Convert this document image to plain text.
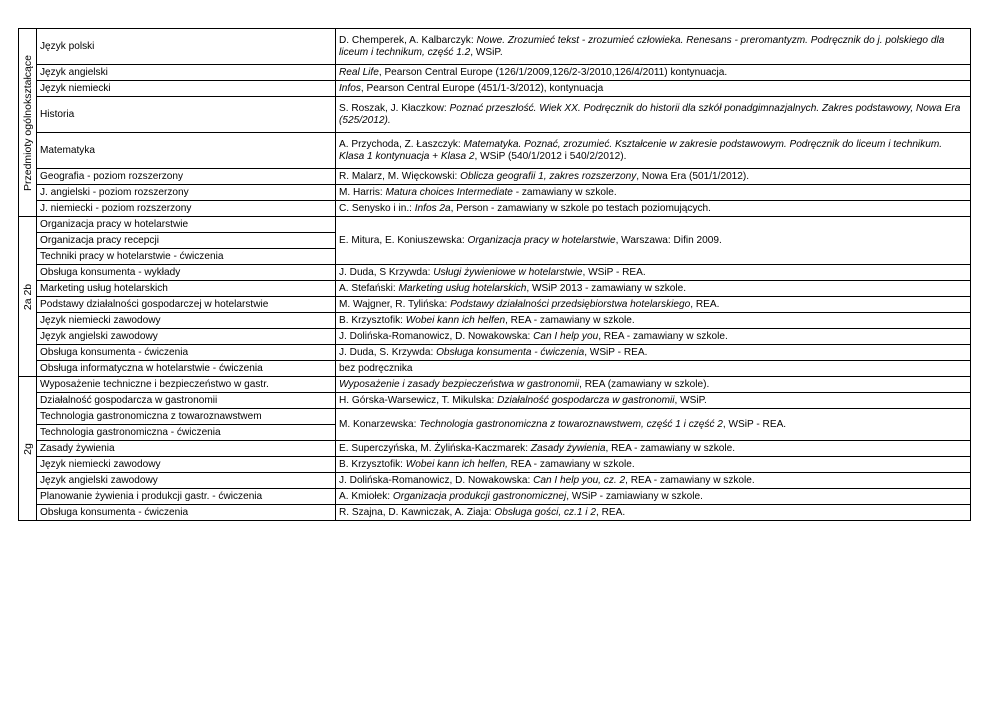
Przedmioty ogólnokształcące	Język polski	D. Chemperek, A. Kalbarczyk: Nowe. Zrozumieć tekst - zrozumieć człowieka. Renesans - preromantyzm. Podręcznik do j. polskiego dla liceum i technikum, część 1.2, WSiP.
	Język angielski	Real Life, Pearson Central Europe (126/1/2009,126/2-3/2010,126/4/2011) kontynuacja.
	Język niemiecki	Infos, Pearson Central Europe (451/1-3/2012), kontynuacja
	Historia	S. Roszak, J. Kłaczkow: Poznać przeszłość. Wiek XX. Podręcznik do historii dla szkół ponadgimnazjalnych. Zakres podstawowy, Nowa Era (525/2012).
	Matematyka	A. Przychoda, Z. Łaszczyk: Matematyka. Poznać, zrozumieć. Kształcenie w zakresie podstawowym. Podręcznik do liceum i technikum. Klasa 1 kontynuacja + Klasa 2, WSiP (540/1/2012 i 540/2/2012).
	Geografia - poziom rozszerzony	R. Malarz, M. Więckowski: Oblicza geografii 1, zakres rozszerzony, Nowa Era (501/1/2012).
	J. angielski - poziom rozszerzony	M. Harris: Matura choices Intermediate - zamawiany w szkole.
	J. niemiecki - poziom rozszerzony	C. Senysko i in.: Infos 2a, Person - zamawiany w szkole po testach poziomujących.

2a 2b	Organizacja pracy w hotelarstwie	E. Mitura, E. Koniuszewska: Organizacja pracy w hotelarstwie, Warszawa: Difin 2009.
	Organizacja pracy recepcji	
	Techniki pracy w hotelarstwie - ćwiczenia	
	Obsługa konsumenta - wykłady	J. Duda, S Krzywda: Usługi żywieniowe w hotelarstwie, WSiP - REA.
	Marketing usług hotelarskich	A. Stefański: Marketing usług hotelarskich, WSiP 2013 - zamawiany w szkole.
	Podstawy działalności gospodarczej w hotelarstwie	M. Wajgner, R. Tylińska: Podstawy działalności przedsiębiorstwa hotelarskiego, REA.
	Język niemiecki zawodowy	B. Krzysztofik: Wobei kann ich helfen, REA - zamawiany w szkole.
	Język angielski zawodowy	J. Dolińska-Romanowicz, D. Nowakowska: Can I help you, REA - zamawiany w szkole.
	Obsługa konsumenta - ćwiczenia	J. Duda, S. Krzywda: Obsługa konsumenta - ćwiczenia, WSiP - REA.
	Obsługa informatyczna w hotelarstwie - ćwiczenia	bez podręcznika

2g	Wyposażenie techniczne i bezpieczeństwo w gastr.	Wyposażenie i zasady bezpieczeństwa w gastronomii, REA (zamawiany w szkole).
	Działalność gospodarcza w gastronomii	H. Górska-Warsewicz, T. Mikulska: Działalność gospodarcza w gastronomii, WSiP.
	Technologia gastronomiczna z towaroznawstwem	M. Konarzewska: Technologia gastronomiczna z towaroznawstwem, część 1 i część 2, WSiP - REA.
	Technologia gastronomiczna - ćwiczenia	
	Zasady żywienia	E. Superczyńska, M. Żylińska-Kaczmarek: Zasady żywienia, REA - zamawiany w szkole.
	Język niemiecki zawodowy	B. Krzysztofik: Wobei kann ich helfen, REA - zamawiany w szkole.
	Język angielski zawodowy	J. Dolińska-Romanowicz, D. Nowakowska: Can I help you, cz. 2, REA - zamawiany w szkole.
	Planowanie żywienia i produkcji gastr. - ćwiczenia	A. Kmiołek: Organizacja produkcji gastronomicznej, WSiP - zamiawiany w szkole.
	Obsługa konsumenta - ćwiczenia	R. Szajna, D. Kawniczak, A. Ziaja: Obsługa gości, cz.1 i 2, REA.
